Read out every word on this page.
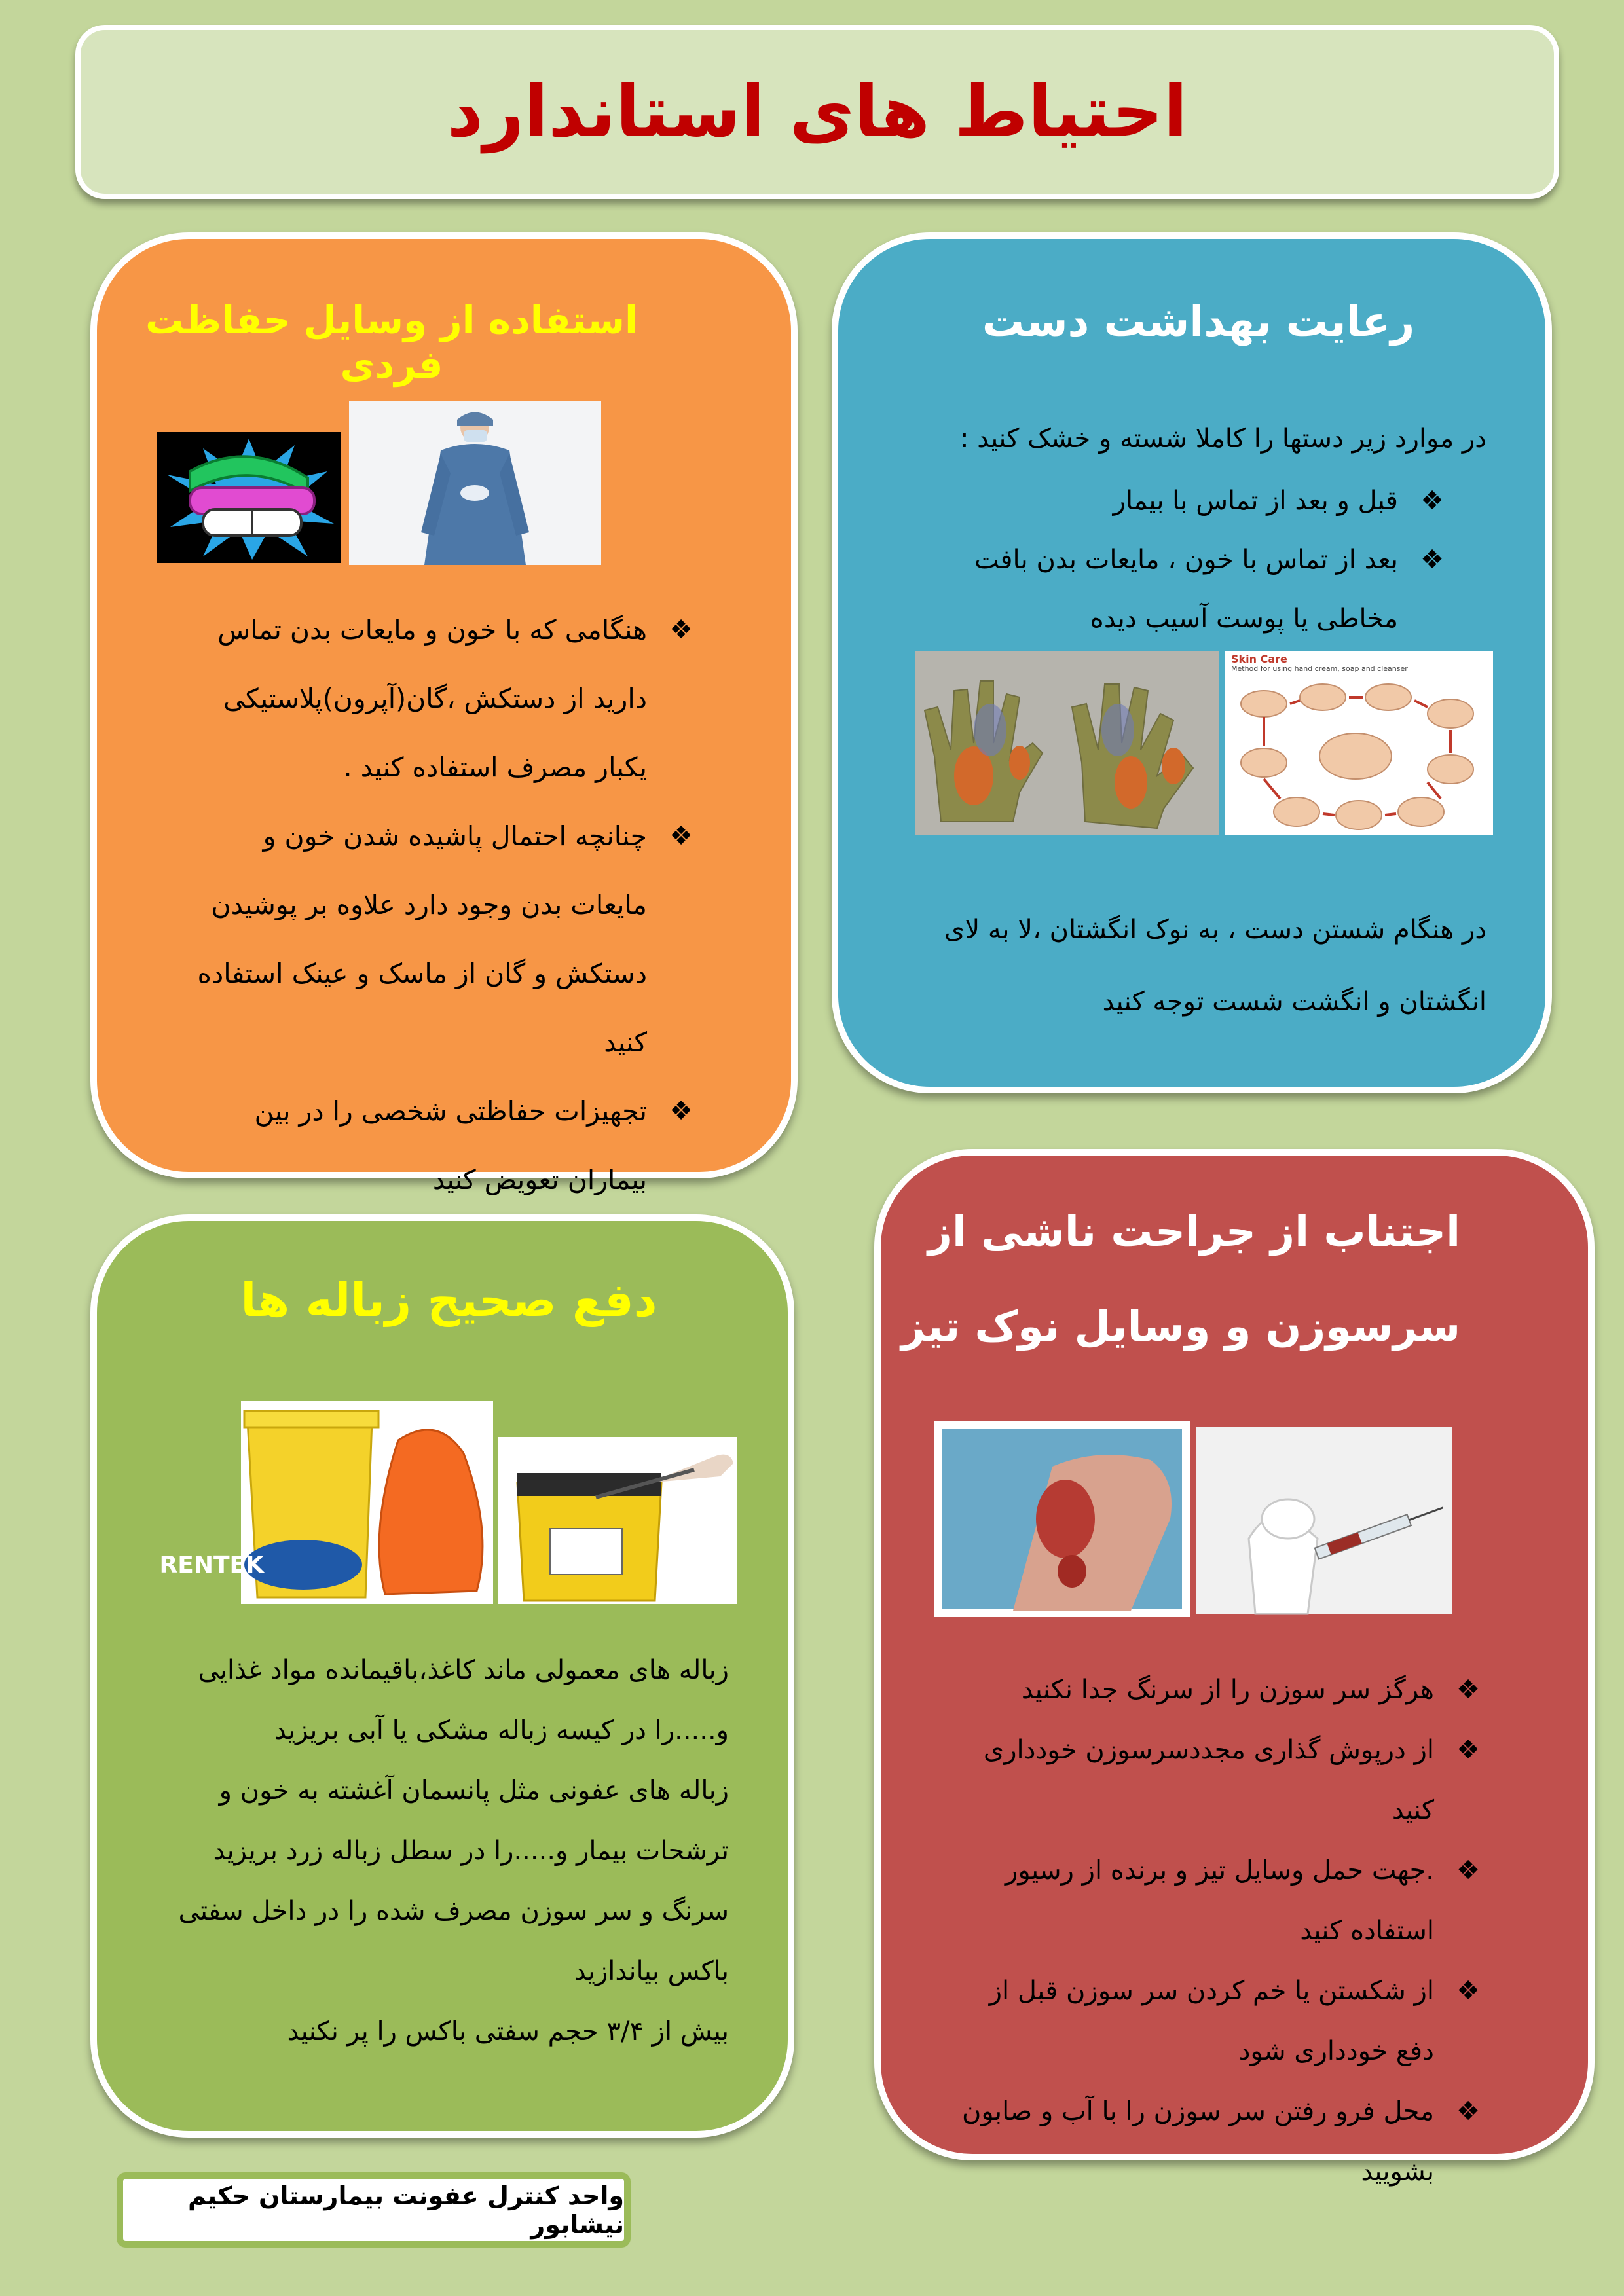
احتیاط های استاندارد
رعایت بهداشت دست
در موارد زیر دستها را کاملا شسته و خشک کنید :
❖ قبل و بعد از تماس با بیمار
❖ بعد از تماس با خون ، مایعات بدن بافت مخاطی یا پوست آسیب دیده
Skin Care
Method for using hand cream, soap and cleanser
در هنگام شستن دست ، به نوک انگشتان ،لا به لای انگشتان و انگشت شست توجه کنید
استفاده از وسایل حفاظت فردی
❖ هنگامی که با خون و مایعات بدن تماس دارید از دستکش ،گان(آپرون)پلاستیکی یکبار مصرف استفاده کنید .
❖ چنانچه احتمال پاشیده شدن خون و مایعات بدن وجود دارد علاوه بر پوشیدن دستکش و گان از ماسک و عینک استفاده کنید
❖ تجهیزات حفاظتی شخصی را در بین بیماران تعویض کنید
اجتناب از جراحت ناشی از
سرسوزن و وسایل نوک تیز
❖ هرگز سر سوزن را از سرنگ جدا نکنید
❖ از درپوش گذاری مجددسرسوزن خودداری کنید
❖ .جهت حمل وسایل تیز و برنده از رسیور استفاده کنید
❖ از شکستن یا خم کردن سر سوزن قبل از دفع خودداری شود
❖ محل فرو رفتن سر سوزن را با آب و صابون بشویید
دفع صحیح زباله ها
RENTEK

زباله های معمولی ماند کاغذ،باقیمانده مواد غذایی و.....را در کیسه زباله مشکی یا آبی بریزید

زباله های عفونی مثل پانسمان آغشته به خون و ترشحات بیمار و.....را در سطل زباله زرد بریزید

سرنگ و سر سوزن مصرف شده را در داخل سفتی باکس بیاندازید

بیش از ۳/۴ حجم سفتی باکس را پر نکنید

واحد کنترل عفونت بیمارستان حکیم نیشابور
